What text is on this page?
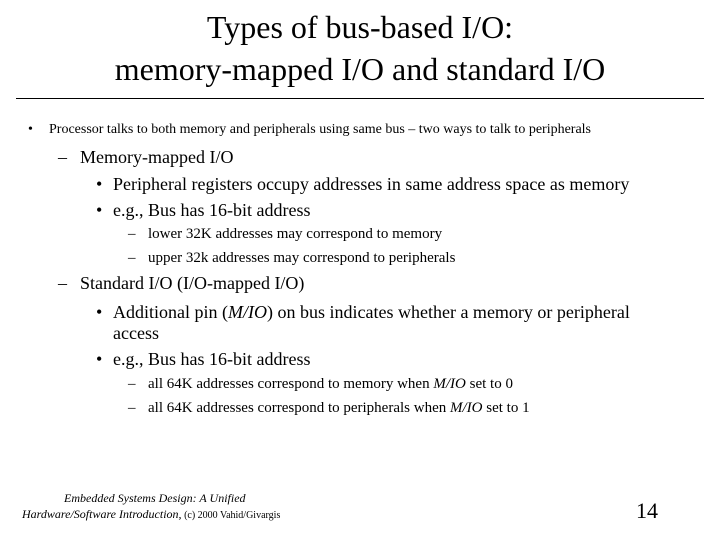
Types of bus-based I/O:
memory-mapped I/O and standard I/O
• Processor talks to both memory and peripherals using same bus – two ways to talk to peripherals
– Memory-mapped I/O
• Peripheral registers occupy addresses in same address space as memory
• e.g., Bus has 16-bit address
– lower 32K addresses may correspond to memory
– upper 32k addresses may correspond to peripherals
– Standard I/O (I/O-mapped I/O)
• Additional pin (M/IO) on bus indicates whether a memory or peripheral
access
• e.g., Bus has 16-bit address
– all 64K addresses correspond to memory when M/IO set to 0
– all 64K addresses correspond to peripherals when M/IO set to 1
Embedded Systems Design: A Unified
Hardware/Software Introduction, (c) 2000 Vahid/Givargis	14
